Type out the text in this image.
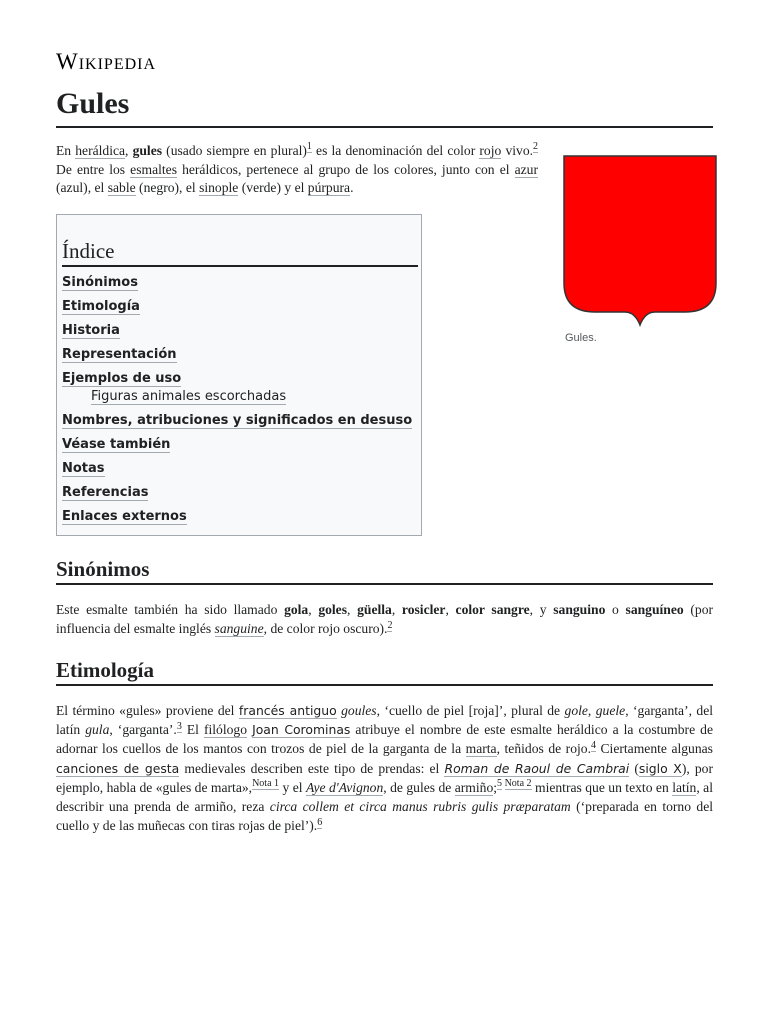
Wikipedia
Gules
En heráldica, gules (usado siempre en plural)$^1$ es la denominación del color rojo vivo.$^2$ De entre los esmaltes heráldicos, pertenece al grupo de los colores, junto con el azur (azul), el sable (negro), el sinople (verde) y el púrpura.
Gules.
Índice
Sinónimos
Etimología
Historia
Representación
Ejemplos de uso
Figuras animales escorchadas
Nombres, atribuciones y significados en desuso
Véase también
Notas
Referencias
Enlaces externos
Sinónimos
Este esmalte también ha sido llamado gola, goles, güella, rosicler, color sangre, y sanguino o sanguíneo (por influencia del esmalte inglés sanguine, de color rojo oscuro).$^2$
Etimología
El término «gules» proviene del francés antiguo goules, ‘cuello de piel [roja]’, plural de gole, guele, ‘garganta’, del latín gula, ‘garganta’.$^3$ El filólogo Joan Corominas atribuye el nombre de este esmalte heráldico a la costumbre de adornar los cuellos de los mantos con trozos de piel de la garganta de la marta, teñidos de rojo.$^4$ Ciertamente algunas canciones de gesta medievales describen este tipo de prendas: el Roman de Raoul de Cambrai (siglo X), por ejemplo, habla de «gules de marta»,$^{Nota 1}$ y el Aye d'Avignon, de gules de armiño;$^5$ $^{Nota 2}$ mientras que un texto en latín, al describir una prenda de armiño, reza circa collem et circa manus rubris gulis præparatam (‘preparada en torno del cuello y de las muñecas con tiras rojas de piel’).$^6$
